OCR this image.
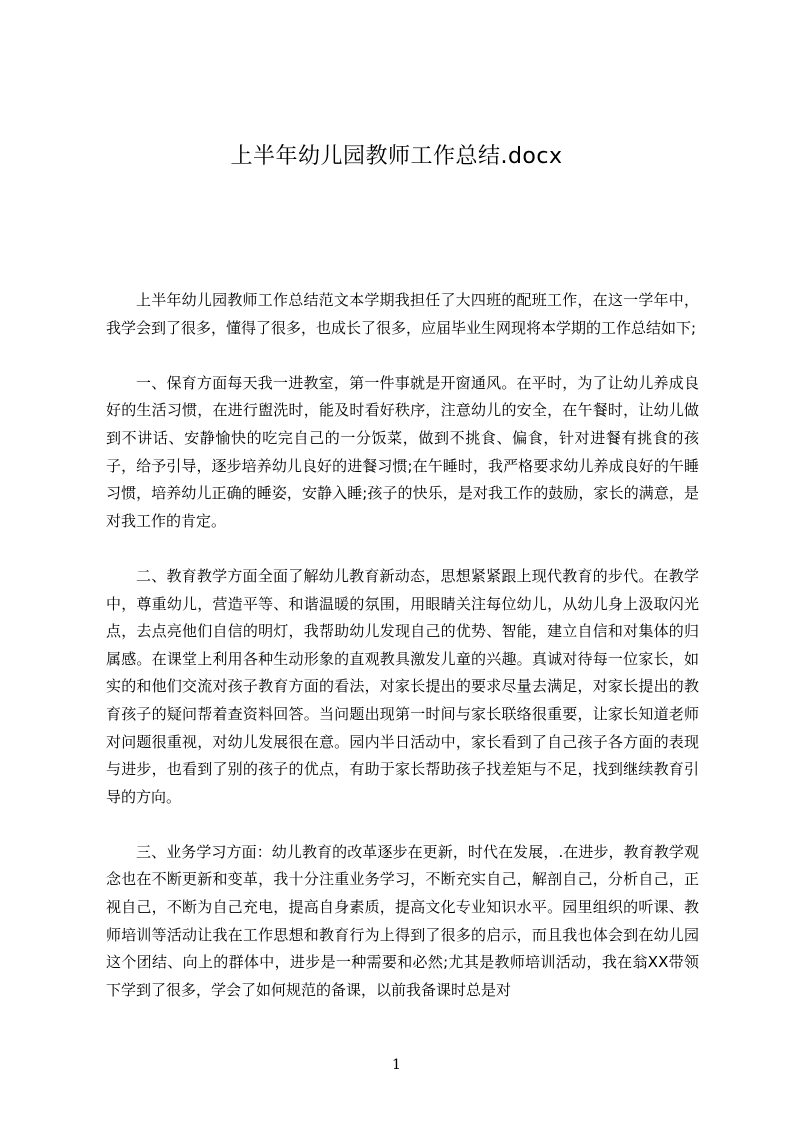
上半年幼儿园教师工作总结.docx

上半年幼儿园教师工作总结范文本学期我担任了大四班的配班工作，在这一学年中，我学会到了很多，懂得了很多，也成长了很多，应届毕业生网现将本学期的工作总结如下;

一、保育方面每天我一进教室，第一件事就是开窗通风。在平时，为了让幼儿养成良好的生活习惯，在进行盥洗时，能及时看好秩序，注意幼儿的安全，在午餐时，让幼儿做到不讲话、安静愉快的吃完自己的一分饭菜，做到不挑食、偏食，针对进餐有挑食的孩子，给予引导，逐步培养幼儿良好的进餐习惯;在午睡时，我严格要求幼儿养成良好的午睡习惯，培养幼儿正确的睡姿，安静入睡;孩子的快乐，是对我工作的鼓励，家长的满意，是对我工作的肯定。

二、教育教学方面全面了解幼儿教育新动态，思想紧紧跟上现代教育的步代。在教学中，尊重幼儿，营造平等、和谐温暖的氛围，用眼睛关注每位幼儿，从幼儿身上汲取闪光点，去点亮他们自信的明灯，我帮助幼儿发现自己的优势、智能，建立自信和对集体的归属感。在课堂上利用各种生动形象的直观教具激发儿童的兴趣。真诚对待每一位家长，如实的和他们交流对孩子教育方面的看法，对家长提出的要求尽量去满足，对家长提出的教育孩子的疑问帮着查资料回答。当问题出现第一时间与家长联络很重要，让家长知道老师对问题很重视，对幼儿发展很在意。园内半日活动中，家长看到了自己孩子各方面的表现与进步，也看到了别的孩子的优点，有助于家长帮助孩子找差矩与不足，找到继续教育引导的方向。

三、业务学习方面：幼儿教育的改革逐步在更新，时代在发展，.在进步，教育教学观念也在不断更新和变革，我十分注重业务学习，不断充实自己，解剖自己，分析自己，正视自己，不断为自己充电，提高自身素质，提高文化专业知识水平。园里组织的听课、教师培训等活动让我在工作思想和教育行为上得到了很多的启示，而且我也体会到在幼儿园这个团结、向上的群体中，进步是一种需要和必然;尤其是教师培训活动，我在翁XX带领下学到了很多，学会了如何规范的备课，以前我备课时总是对

1
